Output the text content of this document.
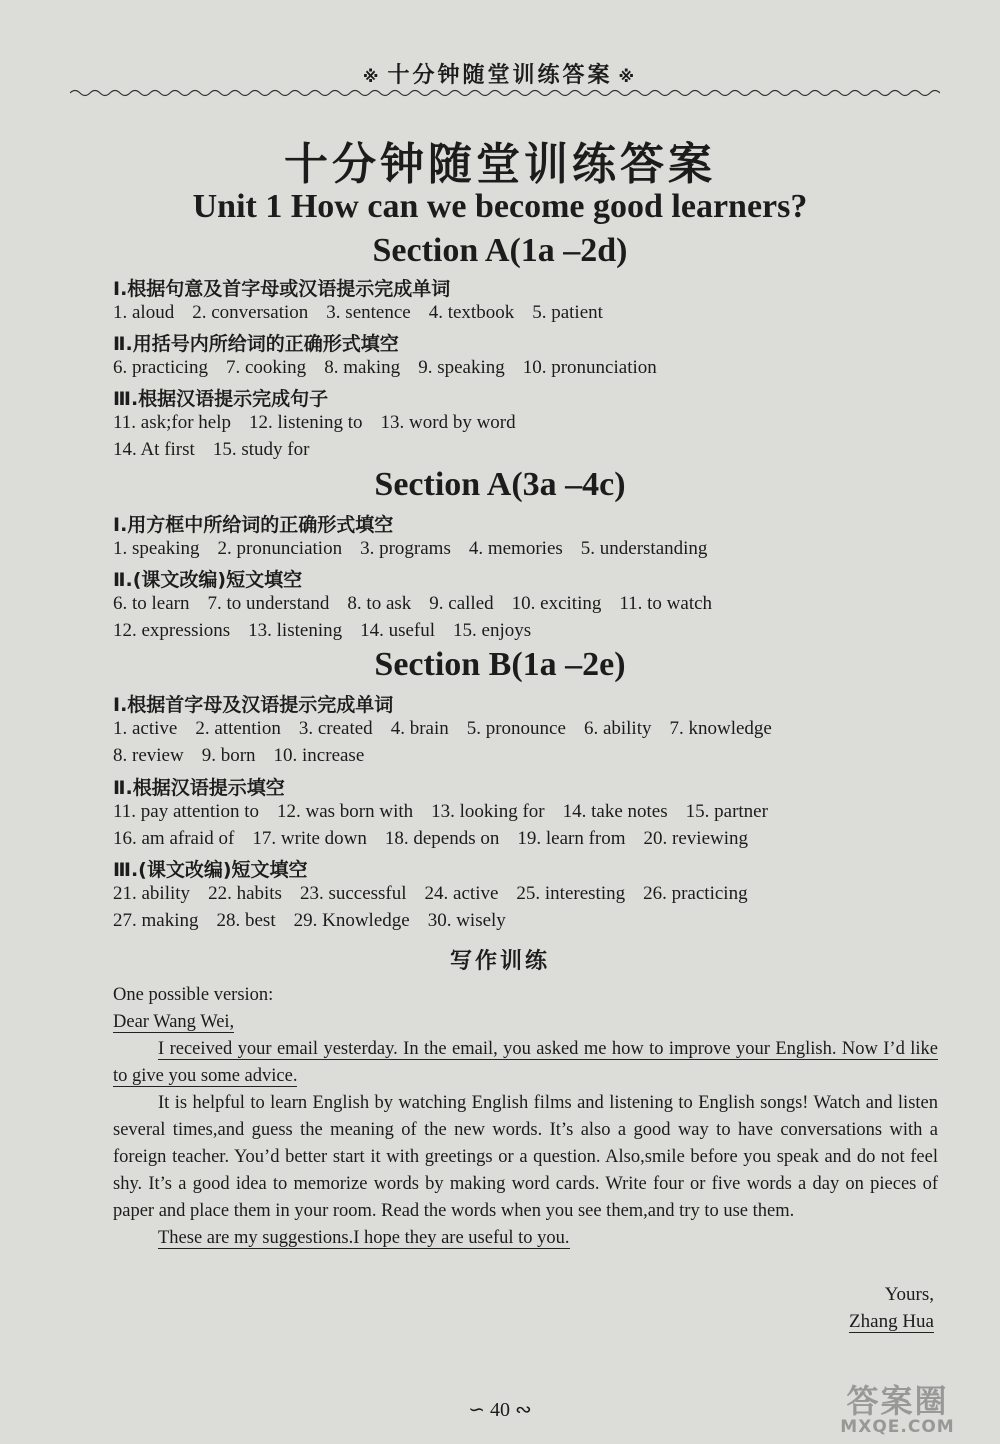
※ 十分钟随堂训练答案 ※
十分钟随堂训练答案
Unit 1 How can we become good learners?
Section A(1a –2d)
Ⅰ.根据句意及首字母或汉语提示完成单词
1. aloud 2. conversation 3. sentence 4. textbook 5. patient
Ⅱ.用括号内所给词的正确形式填空
6. practicing 7. cooking 8. making 9. speaking 10. pronunciation
Ⅲ.根据汉语提示完成句子
11. ask;for help 12. listening to 13. word by word
14. At first 15. study for
Section A(3a –4c)
Ⅰ.用方框中所给词的正确形式填空
1. speaking 2. pronunciation 3. programs 4. memories 5. understanding
Ⅱ.(课文改编)短文填空
6. to learn 7. to understand 8. to ask 9. called 10. exciting 11. to watch
12. expressions 13. listening 14. useful 15. enjoys
Section B(1a –2e)
Ⅰ.根据首字母及汉语提示完成单词
1. active 2. attention 3. created 4. brain 5. pronounce 6. ability 7. knowledge
8. review 9. born 10. increase
Ⅱ.根据汉语提示填空
11. pay attention to 12. was born with 13. looking for 14. take notes 15. partner
16. am afraid of 17. write down 18. depends on 19. learn from 20. reviewing
Ⅲ.(课文改编)短文填空
21. ability 22. habits 23. successful 24. active 25. interesting 26. practicing
27. making 28. best 29. Knowledge 30. wisely
写作训练
One possible version:
Dear Wang Wei,
I received your email yesterday. In the email, you asked me how to improve your English. Now I’d like to give you some advice.
It is helpful to learn English by watching English films and listening to English songs! Watch and listen several times,and guess the meaning of the new words. It’s also a good way to have conversations with a foreign teacher. You’d better start it with greetings or a question. Also,smile before you speak and do not feel shy. It’s a good idea to memorize words by making word cards. Write four or five words a day on pieces of paper and place them in your room. Read the words when you see them,and try to use them.
These are my suggestions.I hope they are useful to you.
Yours,
Zhang Hua
∽ 40 ∾	答案圈
MXQE.COM
